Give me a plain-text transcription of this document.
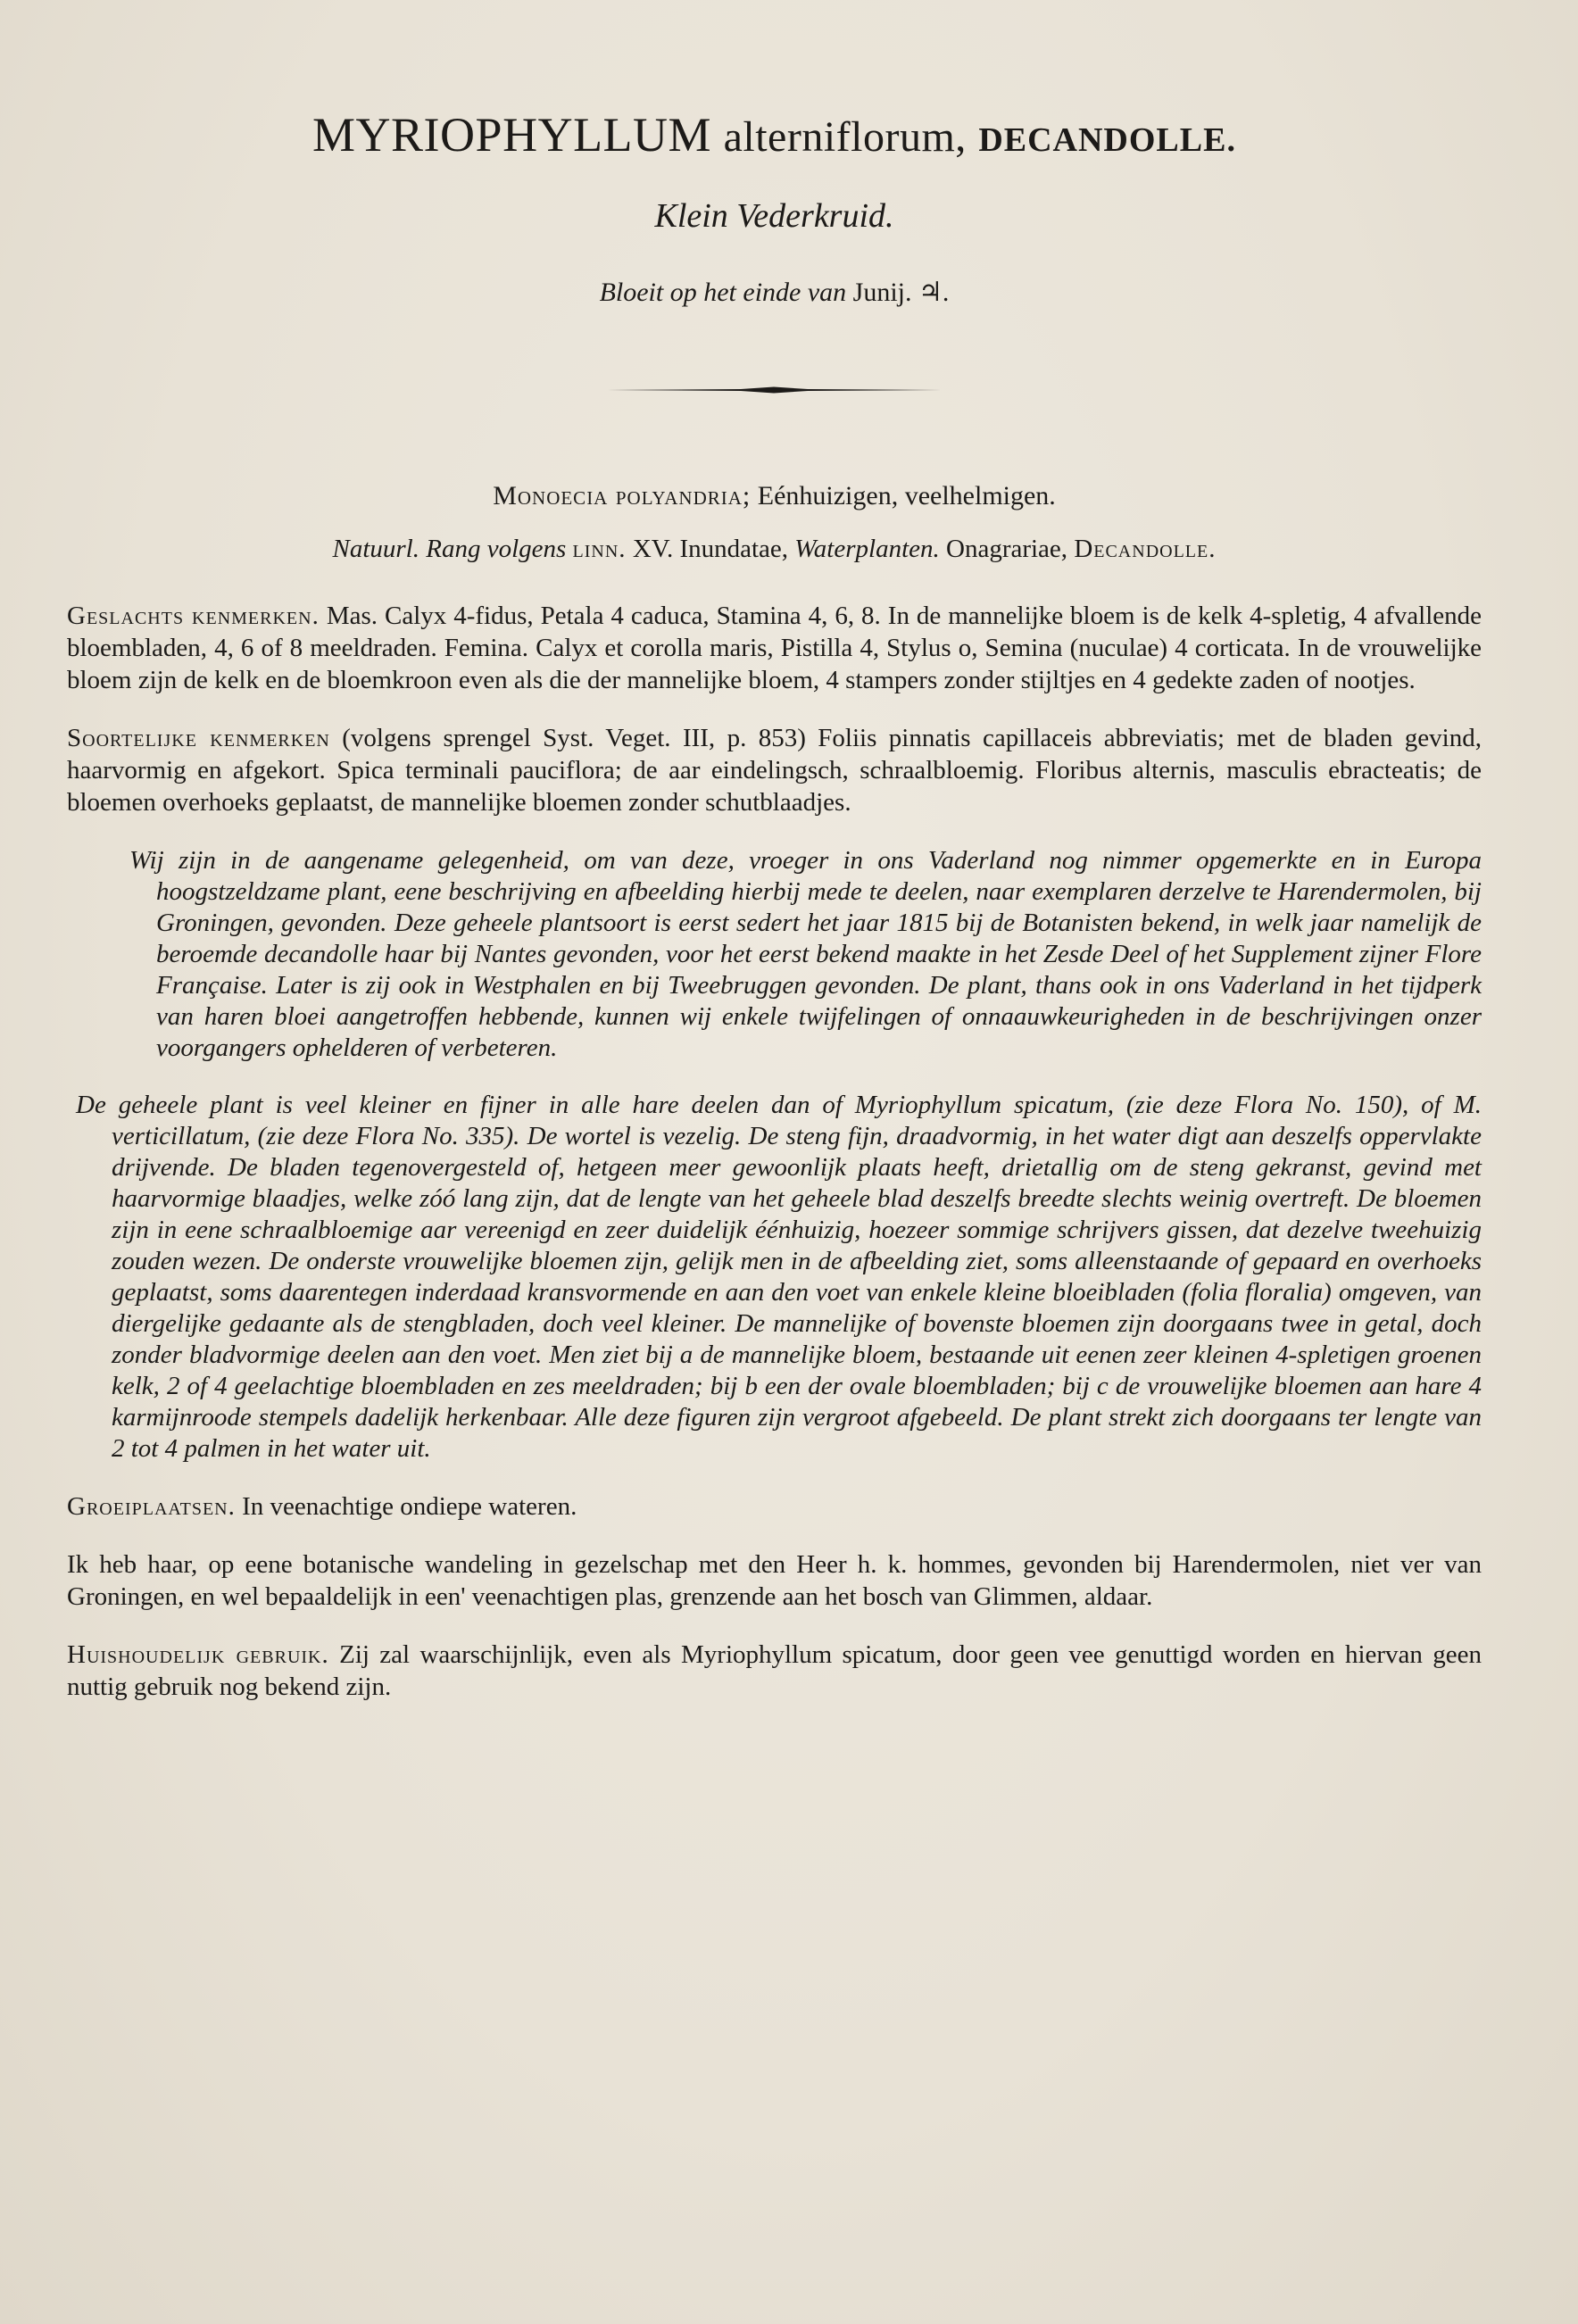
MYRIOPHYLLUM alterniflorum, DECANDOLLE.
Klein Vederkruid.
Bloeit op het einde van Junij. ♃.
Monoecia polyandria; Eénhuizigen, veelhelmigen.
Natuurl. Rang volgens linn. XV. Inundatae, Waterplanten. Onagrariae, Decandolle.

Geslachts kenmerken. Mas. Calyx 4-fidus, Petala 4 caduca, Stamina 4, 6, 8. In de mannelijke bloem is de kelk 4-spletig, 4 afvallende bloembladen, 4, 6 of 8 meeldraden. Femina. Calyx et corolla maris, Pistilla 4, Stylus o, Semina (nuculae) 4 corticata. In de vrouwelijke bloem zijn de kelk en de bloemkroon even als die der mannelijke bloem, 4 stampers zonder stijltjes en 4 gedekte zaden of nootjes.

Soortelijke kenmerken (volgens sprengel Syst. Veget. III, p. 853) Foliis pinnatis capillaceis abbreviatis; met de bladen gevind, haarvormig en afgekort. Spica terminali pauciflora; de aar eindelingsch, schraalbloemig. Floribus alternis, masculis ebracteatis; de bloemen overhoeks geplaatst, de mannelijke bloemen zonder schutblaadjes.

Wij zijn in de aangename gelegenheid, om van deze, vroeger in ons Vaderland nog nimmer opgemerkte en in Europa hoogstzeldzame plant, eene beschrijving en afbeelding hierbij mede te deelen, naar exemplaren derzelve te Harendermolen, bij Groningen, gevonden. Deze geheele plantsoort is eerst sedert het jaar 1815 bij de Botanisten bekend, in welk jaar namelijk de beroemde decandolle haar bij Nantes gevonden, voor het eerst bekend maakte in het Zesde Deel of het Supplement zijner Flore Française. Later is zij ook in Westphalen en bij Tweebruggen gevonden. De plant, thans ook in ons Vaderland in het tijdperk van haren bloei aangetroffen hebbende, kunnen wij enkele twijfelingen of onnaauwkeurigheden in de beschrijvingen onzer voorgangers ophelderen of verbeteren.

De geheele plant is veel kleiner en fijner in alle hare deelen dan of Myriophyllum spicatum, (zie deze Flora No. 150), of M. verticillatum, (zie deze Flora No. 335). De wortel is vezelig. De steng fijn, draadvormig, in het water digt aan deszelfs oppervlakte drijvende. De bladen tegenovergesteld of, hetgeen meer gewoonlijk plaats heeft, drietallig om de steng gekranst, gevind met haarvormige blaadjes, welke zóó lang zijn, dat de lengte van het geheele blad deszelfs breedte slechts weinig overtreft. De bloemen zijn in eene schraalbloemige aar vereenigd en zeer duidelijk éénhuizig, hoezeer sommige schrijvers gissen, dat dezelve tweehuizig zouden wezen. De onderste vrouwelijke bloemen zijn, gelijk men in de afbeelding ziet, soms alleenstaande of gepaard en overhoeks geplaatst, soms daarentegen inderdaad kransvormende en aan den voet van enkele kleine bloeibladen (folia floralia) omgeven, van diergelijke gedaante als de stengbladen, doch veel kleiner. De mannelijke of bovenste bloemen zijn doorgaans twee in getal, doch zonder bladvormige deelen aan den voet. Men ziet bij a de mannelijke bloem, bestaande uit eenen zeer kleinen 4-spletigen groenen kelk, 2 of 4 geelachtige bloembladen en zes meeldraden; bij b een der ovale bloembladen; bij c de vrouwelijke bloemen aan hare 4 karmijnroode stempels dadelijk herkenbaar. Alle deze figuren zijn vergroot afgebeeld. De plant strekt zich doorgaans ter lengte van 2 tot 4 palmen in het water uit.

Groeiplaatsen. In veenachtige ondiepe wateren.

Ik heb haar, op eene botanische wandeling in gezelschap met den Heer h. k. hommes, gevonden bij Harendermolen, niet ver van Groningen, en wel bepaaldelijk in een' veenachtigen plas, grenzende aan het bosch van Glimmen, aldaar.

Huishoudelijk gebruik. Zij zal waarschijnlijk, even als Myriophyllum spicatum, door geen vee genuttigd worden en hiervan geen nuttig gebruik nog bekend zijn.
